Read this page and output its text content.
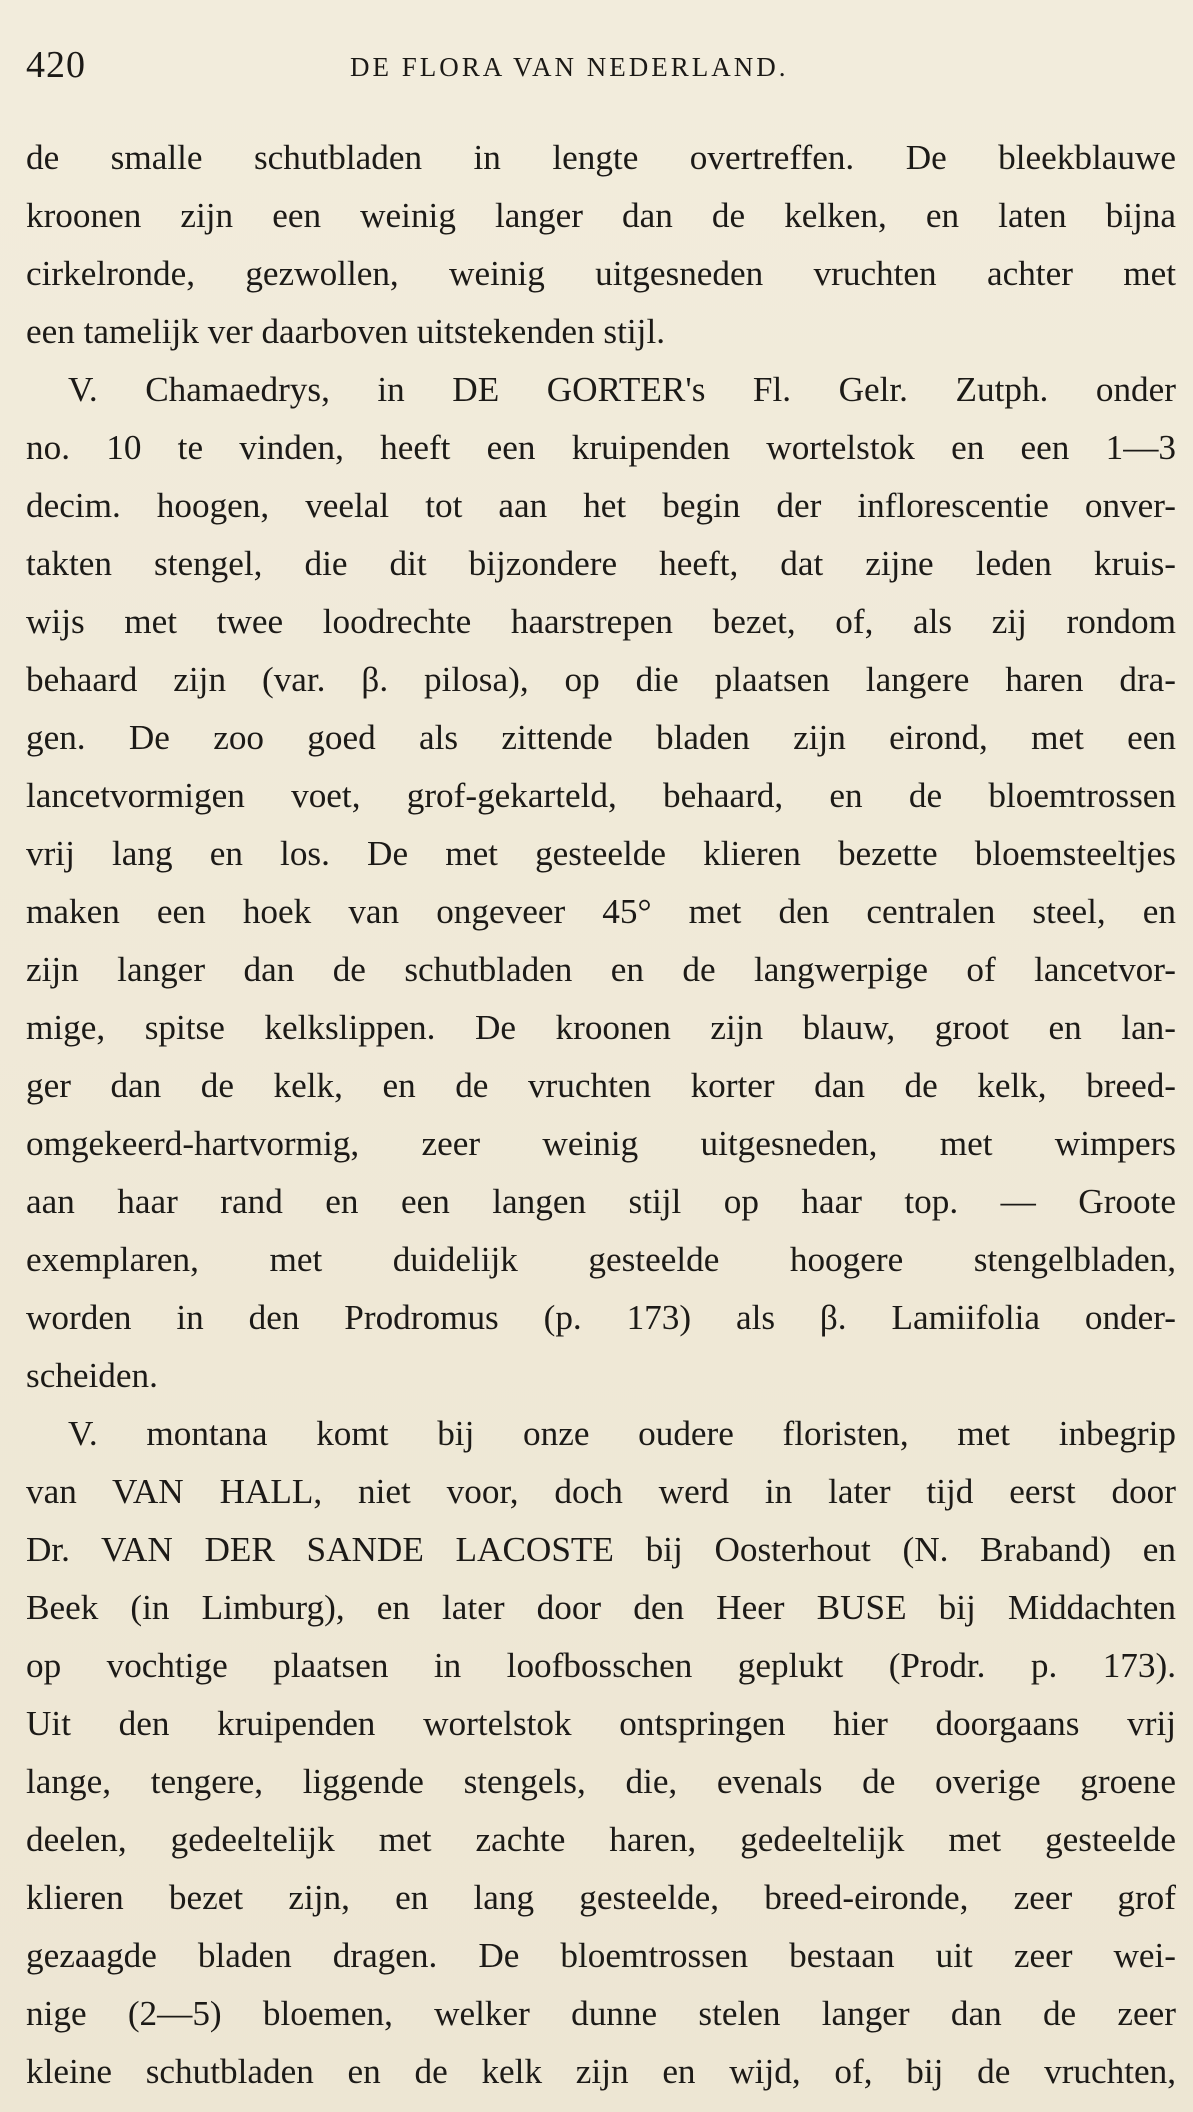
420	DE FLORA VAN NEDERLAND.
de smalle schutbladen in lengte overtreffen. De bleekblauwe
kroonen zijn een weinig langer dan de kelken, en laten bijna
cirkelronde, gezwollen, weinig uitgesneden vruchten achter met
een tamelijk ver daarboven uitstekenden stijl.
V. Chamaedrys, in DE GORTER's Fl. Gelr. Zutph. onder
no. 10 te vinden, heeft een kruipenden wortelstok en een 1—3
decim. hoogen, veelal tot aan het begin der inflorescentie onver-
takten stengel, die dit bijzondere heeft, dat zijne leden kruis-
wijs met twee loodrechte haarstrepen bezet, of, als zij rondom
behaard zijn (var. β. pilosa), op die plaatsen langere haren dra-
gen. De zoo goed als zittende bladen zijn eirond, met een
lancetvormigen voet, grof-gekarteld, behaard, en de bloemtrossen
vrij lang en los. De met gesteelde klieren bezette bloemsteeltjes
maken een hoek van ongeveer 45° met den centralen steel, en
zijn langer dan de schutbladen en de langwerpige of lancetvor-
mige, spitse kelkslippen. De kroonen zijn blauw, groot en lan-
ger dan de kelk, en de vruchten korter dan de kelk, breed-
omgekeerd-hartvormig, zeer weinig uitgesneden, met wimpers
aan haar rand en een langen stijl op haar top. — Groote
exemplaren, met duidelijk gesteelde hoogere stengelbladen,
worden in den Prodromus (p. 173) als β. Lamiifolia onder-
scheiden.
V. montana komt bij onze oudere floristen, met inbegrip
van VAN HALL, niet voor, doch werd in later tijd eerst door
Dr. VAN DER SANDE LACOSTE bij Oosterhout (N. Braband) en
Beek (in Limburg), en later door den Heer BUSE bij Middachten
op vochtige plaatsen in loofbosschen geplukt (Prodr. p. 173).
Uit den kruipenden wortelstok ontspringen hier doorgaans vrij
lange, tengere, liggende stengels, die, evenals de overige groene
deelen, gedeeltelijk met zachte haren, gedeeltelijk met gesteelde
klieren bezet zijn, en lang gesteelde, breed-eironde, zeer grof
gezaagde bladen dragen. De bloemtrossen bestaan uit zeer wei-
nige (2—5) bloemen, welker dunne stelen langer dan de zeer
kleine schutbladen en de kelk zijn en wijd, of, bij de vruchten,
